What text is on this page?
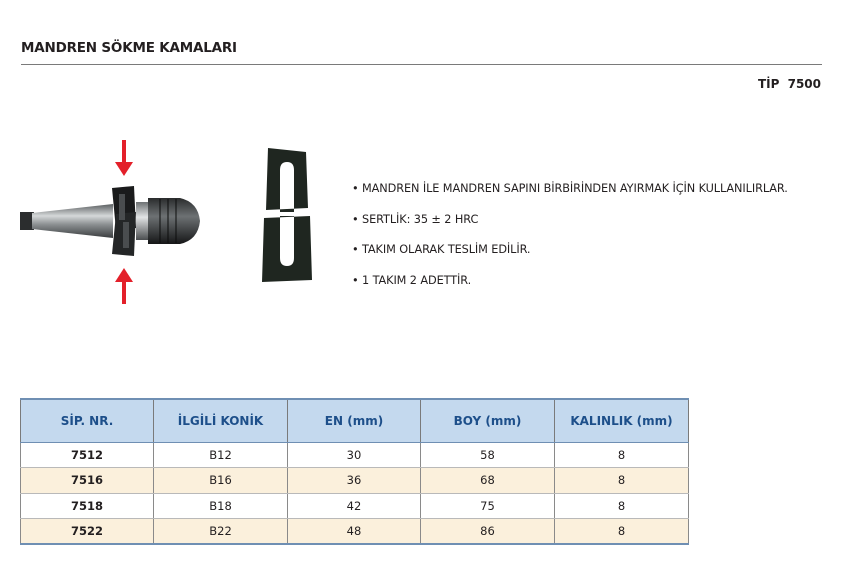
MANDREN SÖKME KAMALARI
TİP 7500
• MANDREN İLE MANDREN SAPINI BİRBİRİNDEN AYIRMAK İÇİN KULLANILIRLAR.
• SERTLİK: 35 ± 2 HRC
• TAKIM OLARAK TESLİM EDİLİR.
• 1 TAKIM 2 ADETTİR.
SİP. NR.	İLGİLİ KONİK	EN (mm)	BOY (mm)	KALINLIK (mm)
7512	B12	30	58	8
7516	B16	36	68	8
7518	B18	42	75	8
7522	B22	48	86	8
